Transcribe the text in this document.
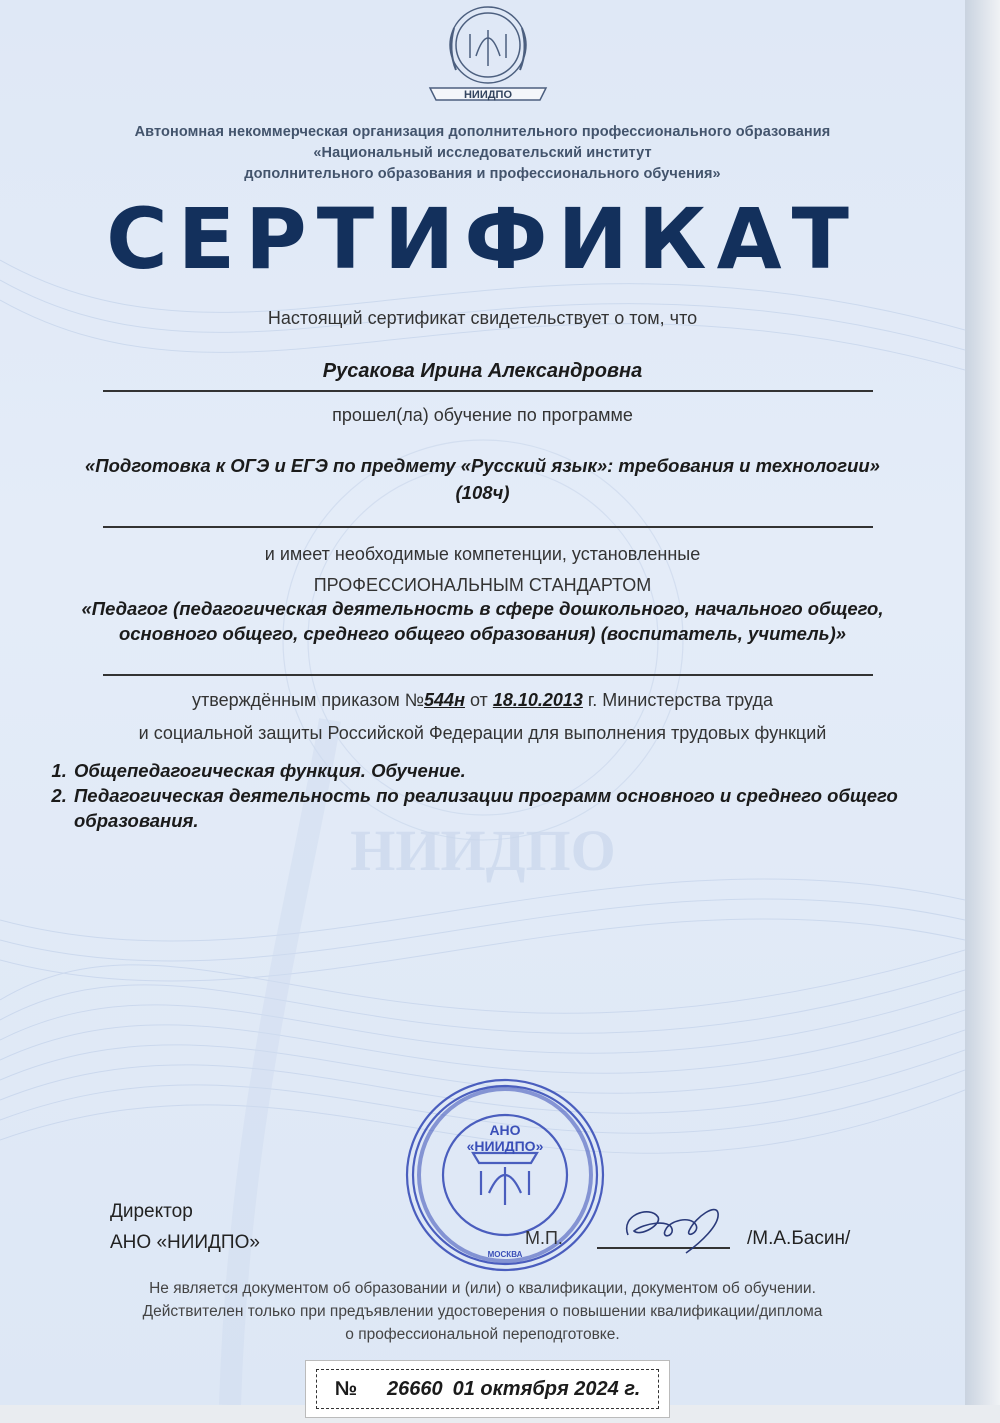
НИИДПО
НИИДПО
Автономная некоммерческая организация дополнительного профессионального образования
«Национальный исследовательский институт
дополнительного образования и профессионального обучения»
СЕРТИФИКАТ
Настоящий сертификат свидетельствует о том, что
Русакова Ирина Александровна
прошел(ла) обучение по программе
«Подготовка к ОГЭ и ЕГЭ по предмету «Русский язык»: требования и технологии» (108ч)
и имеет необходимые компетенции, установленные
ПРОФЕССИОНАЛЬНЫМ СТАНДАРТОМ
«Педагог (педагогическая деятельность в сфере дошкольного, начального общего, основного общего, среднего общего образования) (воспитатель, учитель)»
утверждённым приказом №544н от 18.10.2013 г. Министерства труда
и социальной защиты Российской Федерации для выполнения трудовых функций
1. Общепедагогическая функция. Обучение.
2. Педагогическая деятельность по реализации программ основного и среднего общего образования.
АНО
«НИИДПО»
МОСКВА
Директор
АНО «НИИДПО»	М.П.	/М.А.Басин/
Не является документом об образовании и (или) о квалификации, документом об обучении.
Действителен только при предъявлении удостоверения о повышении квалификации/диплома
о профессиональной переподготовке.
№ 26660 01 октября 2024 г.
